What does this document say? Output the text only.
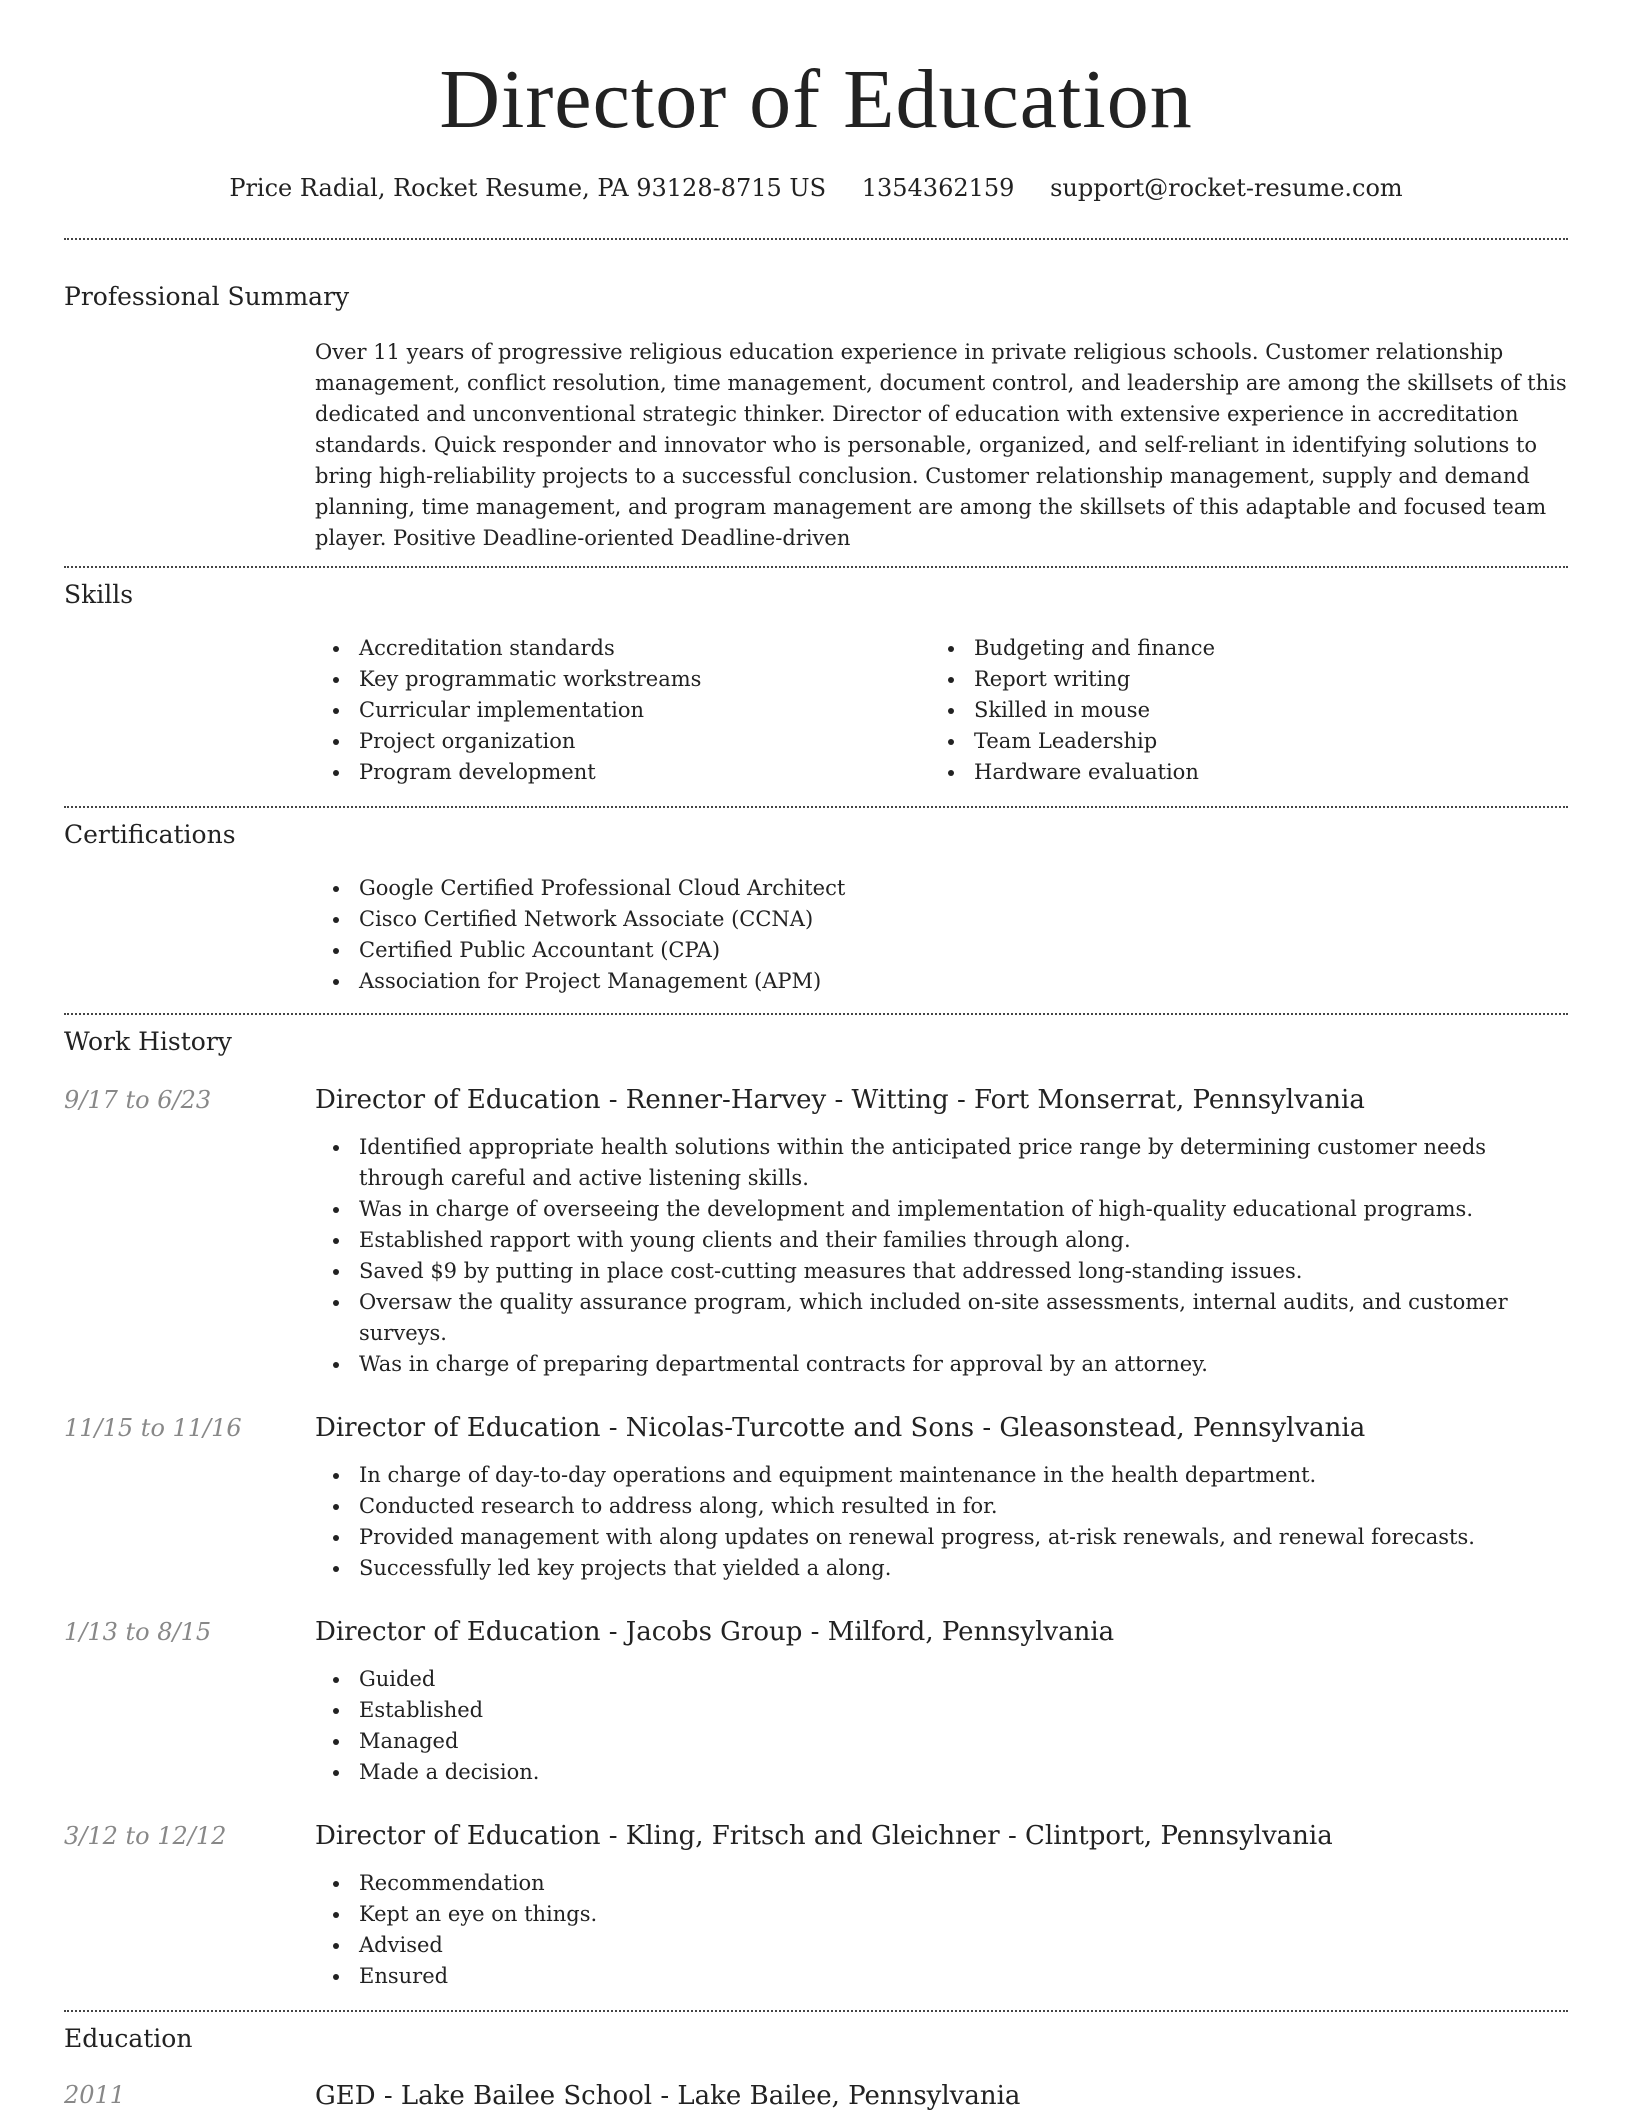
Director of Education
Price Radial, Rocket Resume, PA 93128-8715 US 1354362159 support@rocket-resume.com
Professional Summary
Over 11 years of progressive religious education experience in private religious schools. Customer relationship management, conflict resolution, time management, document control, and leadership are among the skillsets of this dedicated and unconventional strategic thinker. Director of education with extensive experience in accreditation standards. Quick responder and innovator who is personable, organized, and self-reliant in identifying solutions to bring high-reliability projects to a successful conclusion. Customer relationship management, supply and demand planning, time management, and program management are among the skillsets of this adaptable and focused team player. Positive Deadline-oriented Deadline-driven
Skills
Accreditation standards
Key programmatic workstreams
Curricular implementation
Project organization
Program development
Budgeting and finance
Report writing
Skilled in mouse
Team Leadership
Hardware evaluation
Certifications
Google Certified Professional Cloud Architect
Cisco Certified Network Associate (CCNA)
Certified Public Accountant (CPA)
Association for Project Management (APM)
Work History
9/17 to 6/23	Director of Education - Renner-Harvey - Witting - Fort Monserrat, Pennsylvania
Identified appropriate health solutions within the anticipated price range by determining customer needs through careful and active listening skills.
Was in charge of overseeing the development and implementation of high-quality educational programs.
Established rapport with young clients and their families through along.
Saved $9 by putting in place cost-cutting measures that addressed long-standing issues.
Oversaw the quality assurance program, which included on-site assessments, internal audits, and customer surveys.
Was in charge of preparing departmental contracts for approval by an attorney.
11/15 to 11/16	Director of Education - Nicolas-Turcotte and Sons - Gleasonstead, Pennsylvania
In charge of day-to-day operations and equipment maintenance in the health department.
Conducted research to address along, which resulted in for.
Provided management with along updates on renewal progress, at-risk renewals, and renewal forecasts.
Successfully led key projects that yielded a along.
1/13 to 8/15	Director of Education - Jacobs Group - Milford, Pennsylvania
Guided
Established
Managed
Made a decision.
3/12 to 12/12	Director of Education - Kling, Fritsch and Gleichner - Clintport, Pennsylvania
Recommendation
Kept an eye on things.
Advised
Ensured
Education
2011	GED - Lake Bailee School - Lake Bailee, Pennsylvania
